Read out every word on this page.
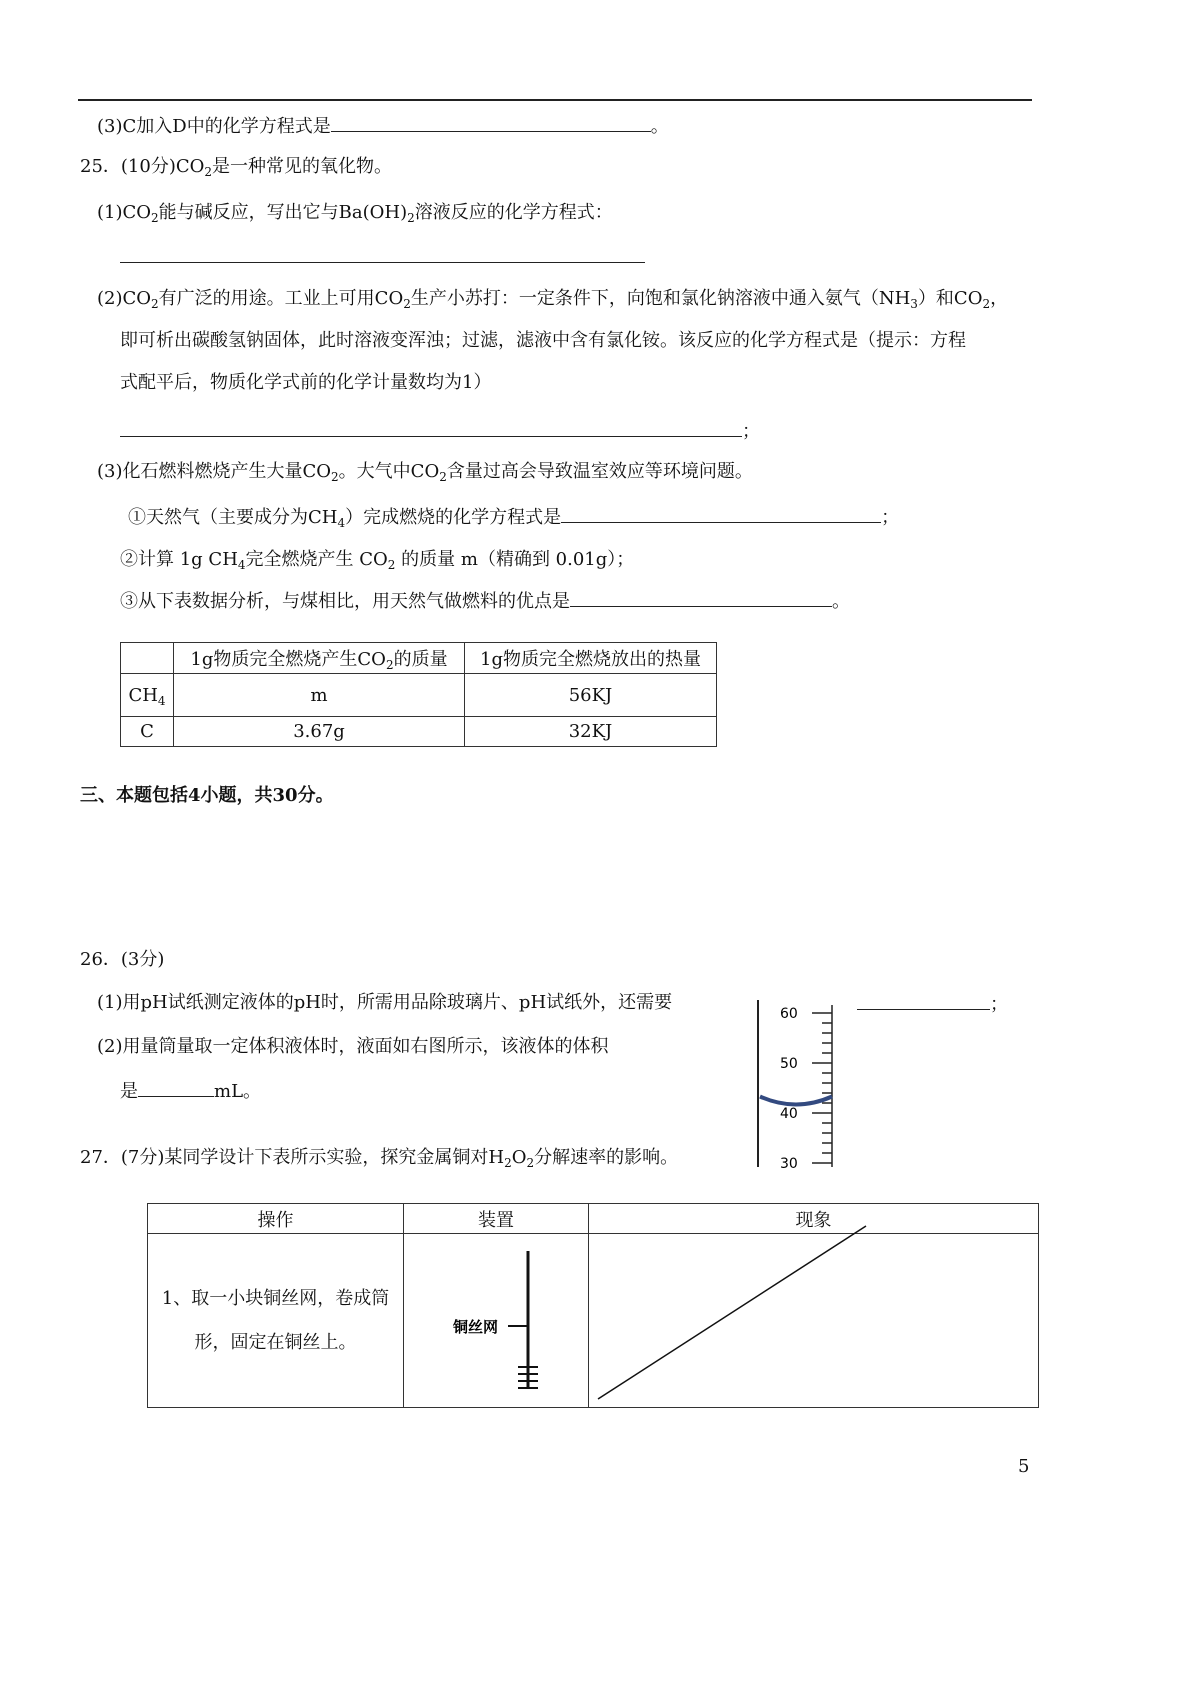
(3)C加入D中的化学方程式是	。
25．(10分)$CO_2$是一种常见的氧化物。
$(1)CO_2$能与碱反应，写出它与$Ba(OH)_2$溶液反应的化学方程式：
$(2)CO_2$有广泛的用途。工业上可用$CO_2$生产小苏打：一定条件下，向饱和氯化钠溶液中通入氨气$(NH_3)$和$CO_2$，
即可析出碳酸氢钠固体，此时溶液变浑浊；过滤，滤液中含有氯化铵。该反应的化学方程式是（提示：方程
式配平后，物质化学式前的化学计量数均为1）
；
(3)化石燃料燃烧产生大量$CO_2$。大气中$CO_2$含量过高会导致温室效应等环境问题。
①天然气（主要成分为$CH_4$）完成燃烧的化学方程式是	；
②计算 1g $CH_4$完全燃烧产生 $CO_2$ 的质量 m（精确到 0.01g）；
③从下表数据分析，与煤相比，用天然气做燃料的优点是	。
	1g物质完全燃烧产生$CO_2$的质量	1g物质完全燃烧放出的热量
$CH_4$	m	56KJ
C	3.67g	32KJ
三、本题包括4小题，共30分。
26．(3分)
(1)用pH试纸测定液体的pH时，所需用品除玻璃片、pH试纸外，还需要	；
(2)用量筒量取一定体积液体时，液面如右图所示，该液体的体积
是	mL。
60
50
40
30
27．(7分)某同学设计下表所示实验，探究金属铜对$H_2O_2$分解速率的影响。
操作	装置	现象

1、取一小块铜丝网，卷成筒
形，固定在铜丝上。	铜丝网	

5
